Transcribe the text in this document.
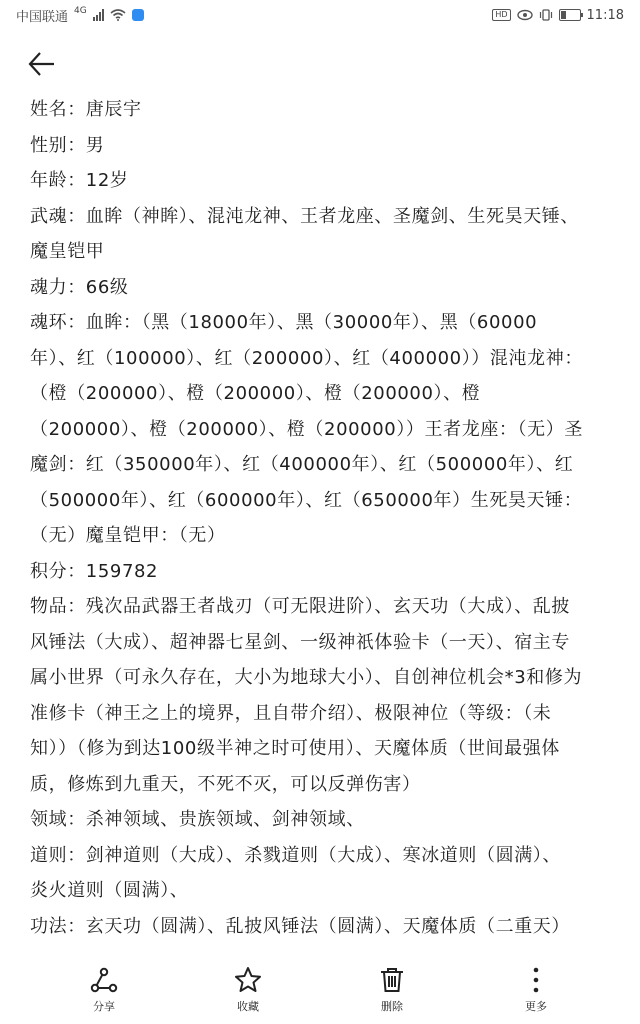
中国联通 4G	HD	11:18

姓名：唐辰宇

性别：男

年龄：12岁

武魂：血眸（神眸）、混沌龙神、王者龙座、圣魔剑、生死昊天锤、

魔皇铠甲

魂力：66级

魂环：血眸：（黑（18000年）、黑（30000年）、黑（60000

年）、红（100000）、红（200000）、红（400000））混沌龙神：

（橙（200000）、橙（200000）、橙（200000）、橙

（200000）、橙（200000）、橙（200000））王者龙座：（无）圣

魔剑：红（350000年）、红（400000年）、红（500000年）、红

（500000年）、红（600000年）、红（650000年）生死昊天锤：

（无）魔皇铠甲：（无）

积分：159782

物品：残次品武器王者战刃（可无限进阶）、玄天功（大成）、乱披

风锤法（大成）、超神器七星剑、一级神祇体验卡（一天）、宿主专

属小世界（可永久存在，大小为地球大小）、自创神位机会*3和修为

准修卡（神王之上的境界，且自带介绍）、极限神位（等级：（未

知））（修为到达100级半神之时可使用）、天魔体质（世间最强体

质，修炼到九重天，不死不灭，可以反弹伤害）

领域：杀神领域、贵族领域、剑神领域、

道则：剑神道则（大成）、杀戮道则（大成）、寒冰道则（圆满）、

炎火道则（圆满）、

功法：玄天功（圆满）、乱披风锤法（圆满）、天魔体质（二重天）

分享	收藏	删除	更多
